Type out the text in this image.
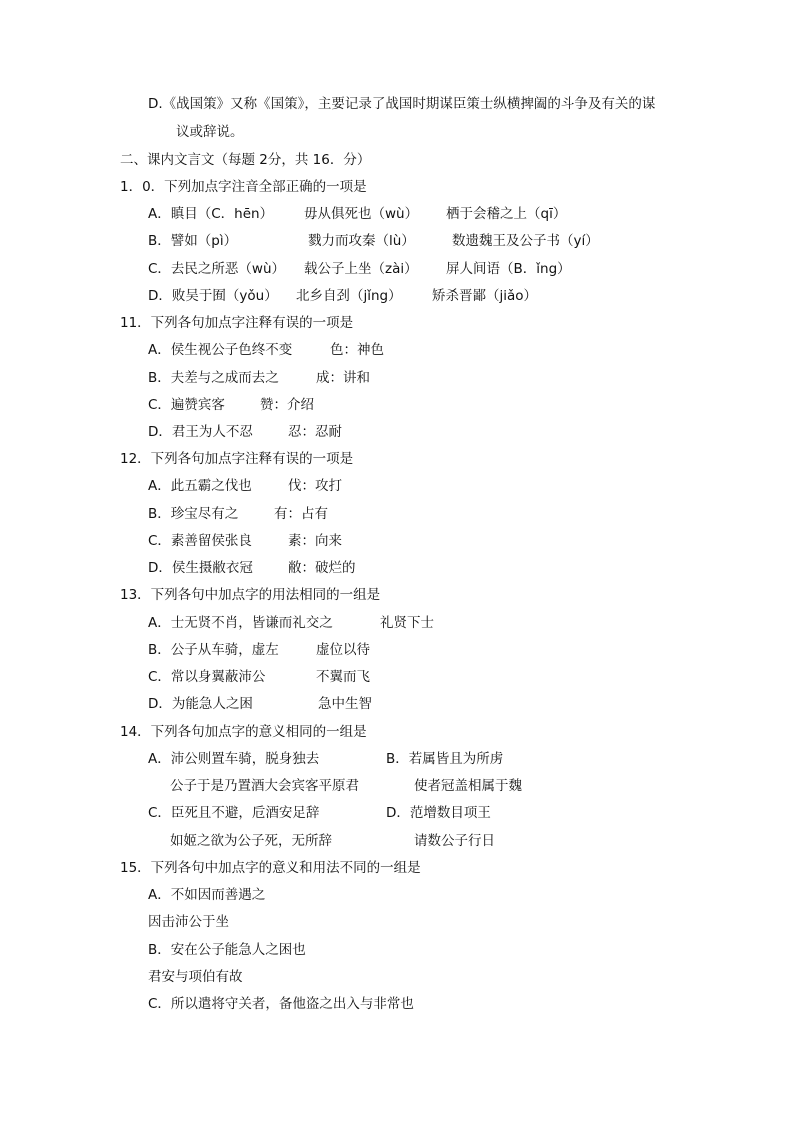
D.《战国策》又称《国策》，主要记录了战国时期谋臣策士纵横捭阖的斗争及有关的谋
议或辞说。
二、课内文言文（每题 2分，共 16．分）
1．0．下列加点字注音全部正确的一项是
A．瞋目（C．hēn） 毋从俱死也（wù） 栖于会稽之上（qī）
B．譬如（pì）	戮力而攻秦（lù）	数遗魏王及公子书（yí）
C．去民之所恶（wù） 载公子上坐（zài） 屏人间语（B．ǐng）
D．败吴于囿（yǒu） 北乡自刭（jǐng） 矫杀晋鄙（jiǎo）
11．下列各句加点字注释有误的一项是
A．侯生视公子色终不变	色：神色
B．夫差与之成而去之	成：讲和
C．遍赞宾客	赞：介绍
D．君王为人不忍	忍：忍耐
12．下列各句加点字注释有误的一项是
A．此五霸之伐也	伐：攻打
B．珍宝尽有之	有：占有
C．素善留侯张良	素：向来
D．侯生摄敝衣冠	敝：破烂的
13．下列各句中加点字的用法相同的一组是
A．士无贤不肖，皆谦而礼交之	礼贤下士
B．公子从车骑，虚左	虚位以待
C．常以身翼蔽沛公	不翼而飞
D．为能急人之困	急中生智
14．下列各句加点字的意义相同的一组是
A．沛公则置车骑，脱身独去	B．若属皆且为所虏
公子于是乃置酒大会宾客平原君	使者冠盖相属于魏
C．臣死且不避，卮酒安足辞	D．范增数目项王
如姬之欲为公子死，无所辞	请数公子行日
15．下列各句中加点字的意义和用法不同的一组是
A．不如因而善遇之
因击沛公于坐
B．安在公子能急人之困也
君安与项伯有故
C．所以遣将守关者，备他盗之出入与非常也
